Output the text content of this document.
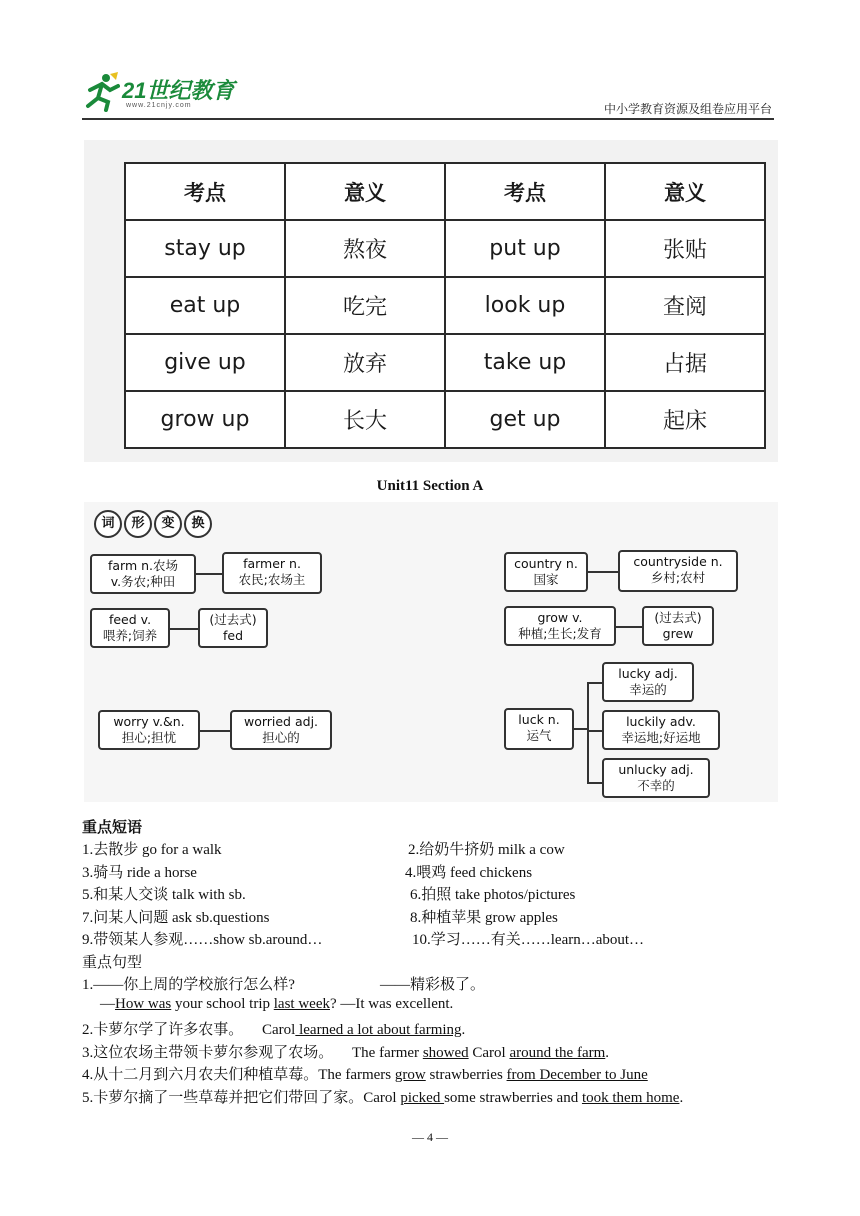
21世纪教育
www.21cnjy.com	中小学教育资源及组卷应用平台
考点	意义	考点	意义
stay up	熬夜	put up	张贴
eat up	吃完	look up	查阅
give up	放弃	take up	占据
grow up	长大	get up	起床
Unit11 Section A
词	形	变	换
farm n.农场
v.务农;种田
farmer n.
农民;农场主
feed v.
喂养;饲养
(过去式)
fed
worry v.&n.
担心;担忧
worried adj.
担心的
country n.
国家
countryside n.
乡村;农村
grow v.
种植;生长;发育
(过去式)
grew
luck n.
运气
lucky adj.
幸运的
luckily adv.
幸运地;好运地
unlucky adj.
不幸的
重点短语
1.去散步 go for a walk	2.给奶牛挤奶 milk a cow
3.骑马 ride a horse	4.喂鸡 feed chickens
5.和某人交谈 talk with sb.	6.拍照 take photos/pictures
7.问某人问题 ask sb.questions	8.种植苹果 grow apples
9.带领某人参观……show sb.around…	10.学习……有关……learn…about…
重点句型
1.——你上周的学校旅行怎么样?	——精彩极了。
—How was your school trip last week? —It was excellent.
2.卡萝尔学了许多农事。 Carol learned a lot about farming.
3.这位农场主带领卡萝尔参观了农场。 The farmer showed Carol around the farm.
4.从十二月到六月农夫们种植草莓。The farmers grow strawberries from December to June
5.卡萝尔摘了一些草莓并把它们带回了家。Carol picked some strawberries and took them home.
— 4 —
